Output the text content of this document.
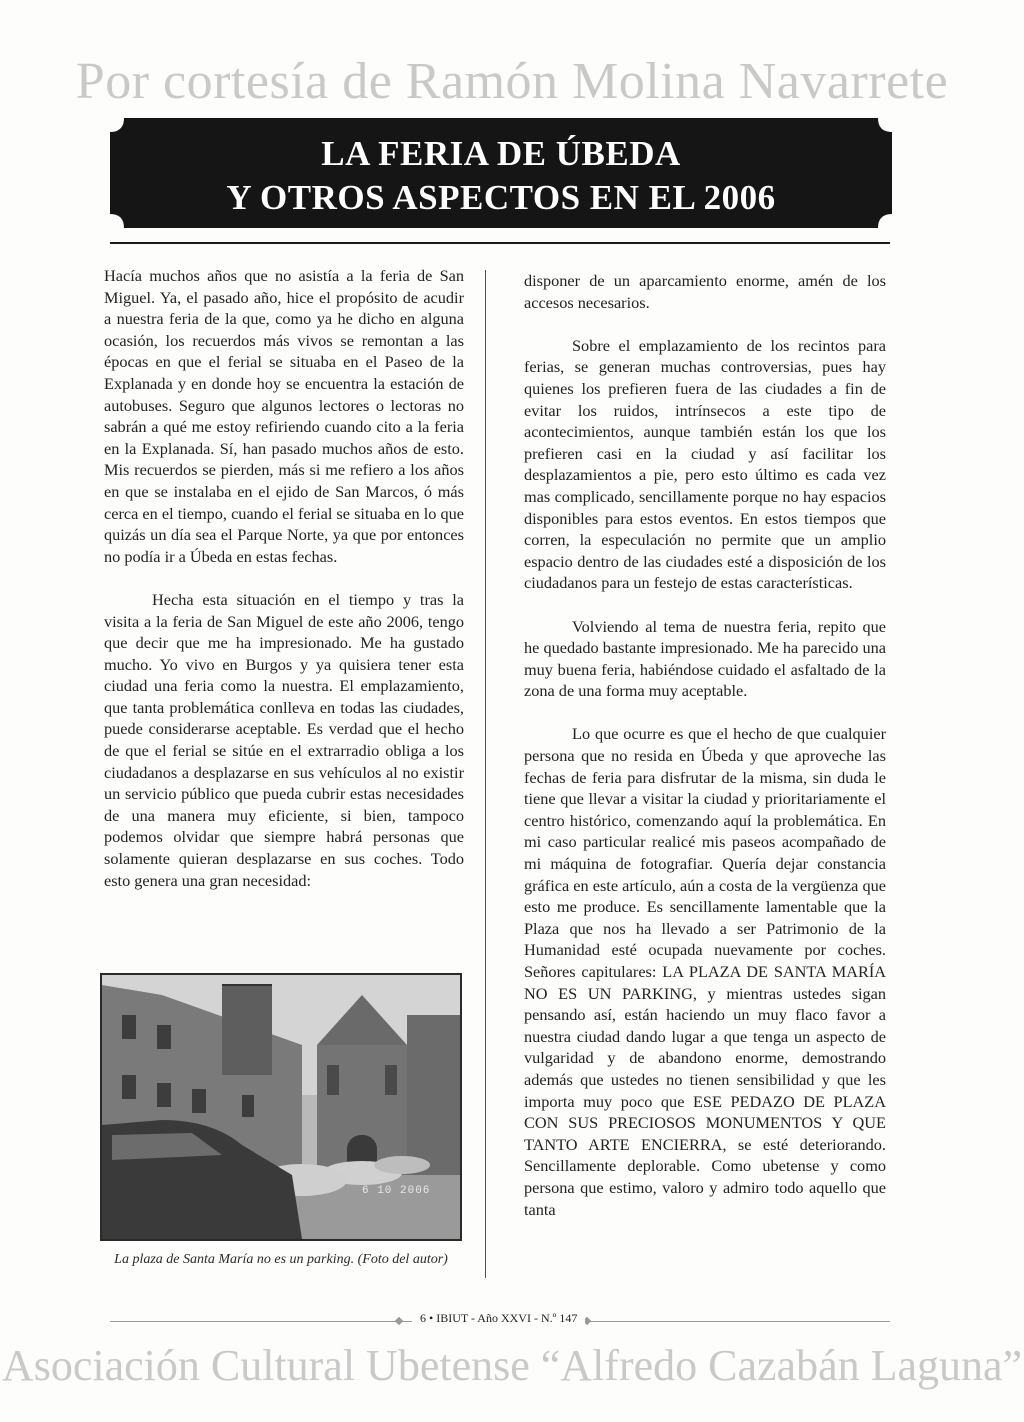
Por cortesía de Ramón Molina Navarrete
LA FERIA DE ÚBEDA
Y OTROS ASPECTOS EN EL 2006

Hacía muchos años que no asistía a la feria de San Miguel. Ya, el pasado año, hice el propósito de acudir a nuestra feria de la que, como ya he dicho en alguna ocasión, los recuerdos más vivos se remontan a las épocas en que el ferial se situaba en el Paseo de la Explanada y en donde hoy se encuentra la estación de autobuses. Seguro que algunos lectores o lectoras no sabrán a qué me estoy refiriendo cuando cito a la feria en la Explanada. Sí, han pasado muchos años de esto. Mis recuerdos se pierden, más si me refiero a los años en que se instalaba en el ejido de San Marcos, ó más cerca en el tiempo, cuando el ferial se situaba en lo que quizás un día sea el Parque Norte, ya que por entonces no podía ir a Úbeda en estas fechas.

Hecha esta situación en el tiempo y tras la visita a la feria de San Miguel de este año 2006, tengo que decir que me ha impresionado. Me ha gustado mucho. Yo vivo en Burgos y ya quisiera tener esta ciudad una feria como la nuestra. El emplazamiento, que tanta problemática conlleva en todas las ciudades, puede considerarse aceptable. Es verdad que el hecho de que el ferial se sitúe en el extrarradio obliga a los ciudadanos a desplazarse en sus vehículos al no existir un servicio público que pueda cubrir estas necesidades de una manera muy eficiente, si bien, tampoco podemos olvidar que siempre habrá personas que solamente quieran desplazarse en sus coches. Todo esto genera una gran necesidad:

disponer de un aparcamiento enorme, amén de los accesos necesarios.

Sobre el emplazamiento de los recintos para ferias, se generan muchas controversias, pues hay quienes los prefieren fuera de las ciudades a fin de evitar los ruidos, intrínsecos a este tipo de acontecimientos, aunque también están los que los prefieren casi en la ciudad y así facilitar los desplazamientos a pie, pero esto último es cada vez mas complicado, sencillamente porque no hay espacios disponibles para estos eventos. En estos tiempos que corren, la especulación no permite que un amplio espacio dentro de las ciudades esté a disposición de los ciudadanos para un festejo de estas características.

Volviendo al tema de nuestra feria, repito que he quedado bastante impresionado. Me ha parecido una muy buena feria, habiéndose cuidado el asfaltado de la zona de una forma muy aceptable.

Lo que ocurre es que el hecho de que cualquier persona que no resida en Úbeda y que aproveche las fechas de feria para disfrutar de la misma, sin duda le tiene que llevar a visitar la ciudad y prioritariamente el centro histórico, comenzando aquí la problemática. En mi caso particular realicé mis paseos acompañado de mi máquina de fotografiar. Quería dejar constancia gráfica en este artículo, aún a costa de la vergüenza que esto me produce. Es sencillamente lamentable que la Plaza que nos ha llevado a ser Patrimonio de la Humanidad esté ocupada nuevamente por coches. Señores capitulares: LA PLAZA DE SANTA MARÍA NO ES UN PARKING, y mientras ustedes sigan pensando así, están haciendo un muy flaco favor a nuestra ciudad dando lugar a que tenga un aspecto de vulgaridad y de abandono enorme, demostrando además que ustedes no tienen sensibilidad y que les importa muy poco que ESE PEDAZO DE PLAZA CON SUS PRECIOSOS MONUMENTOS Y QUE TANTO ARTE ENCIERRA, se esté deteriorando. Sencillamente deplorable. Como ubetense y como persona que estimo, valoro y admiro todo aquello que tanta

6 10 2006
La plaza de Santa María no es un parking. (Foto del autor)
6 • IBIUT - Año XXVI - N.º 147
Asociación Cultural Ubetense “Alfredo Cazabán Laguna”
